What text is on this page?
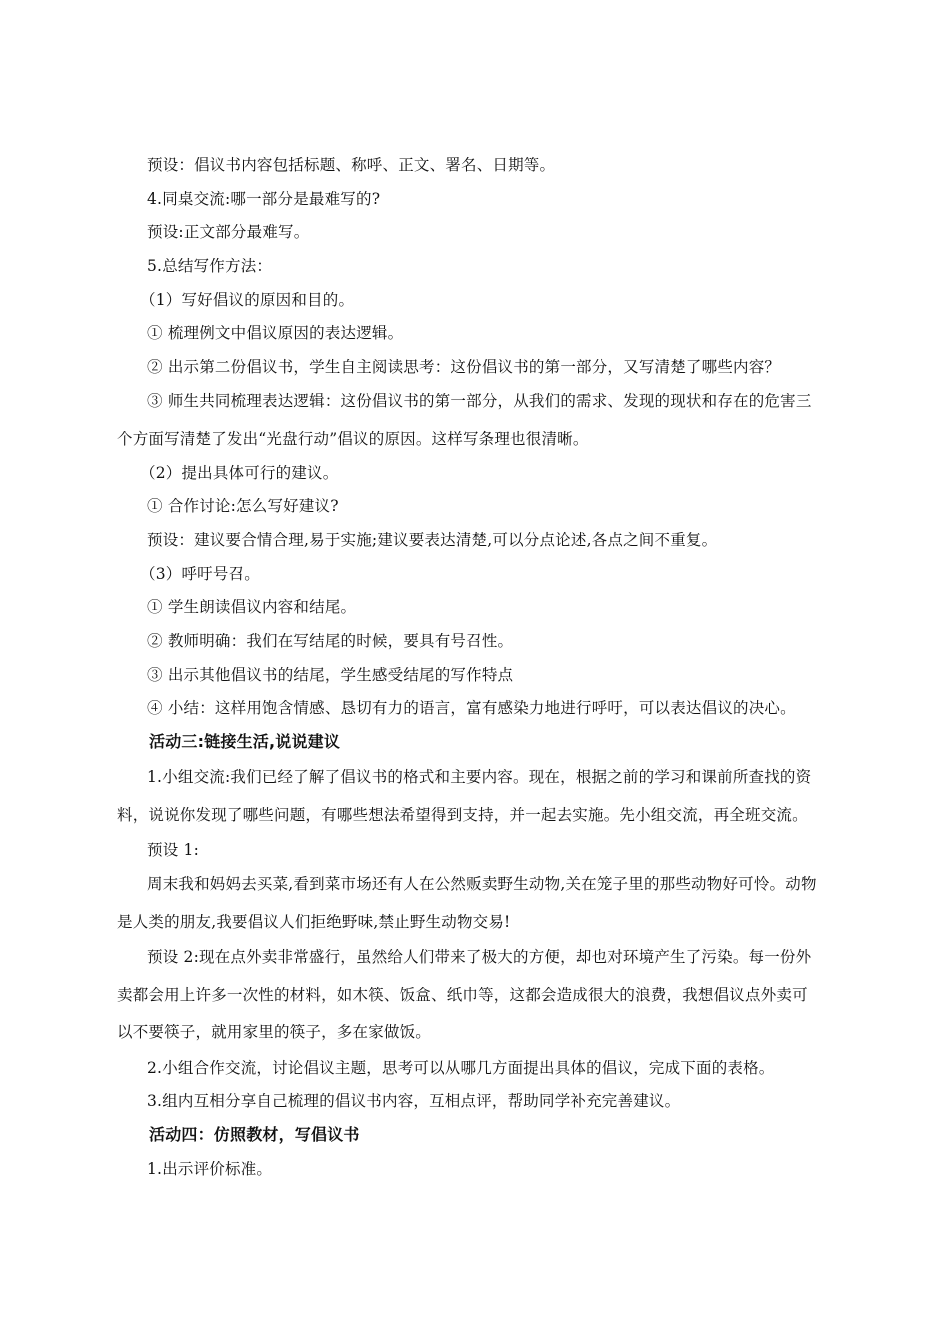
预设：倡议书内容包括标题、称呼、正文、署名、日期等。
4.同桌交流:哪一部分是最难写的?
预设:正文部分最难写。
5.总结写作方法：
（1）写好倡议的原因和目的。
① 梳理例文中倡议原因的表达逻辑。
② 出示第二份倡议书，学生自主阅读思考：这份倡议书的第一部分，又写清楚了哪些内容？
③ 师生共同梳理表达逻辑：这份倡议书的第一部分，从我们的需求、发现的现状和存在的危害三
个方面写清楚了发出“光盘行动”倡议的原因。这样写条理也很清晰。
（2）提出具体可行的建议。
① 合作讨论:怎么写好建议?
预设：建议要合情合理,易于实施;建议要表达清楚,可以分点论述,各点之间不重复。
（3）呼吁号召。
① 学生朗读倡议内容和结尾。
② 教师明确：我们在写结尾的时候，要具有号召性。
③ 出示其他倡议书的结尾，学生感受结尾的写作特点
④ 小结：这样用饱含情感、恳切有力的语言，富有感染力地进行呼吁，可以表达倡议的决心。
活动三:链接生活,说说建议
1.小组交流:我们已经了解了倡议书的格式和主要内容。现在，根据之前的学习和课前所查找的资
料，说说你发现了哪些问题，有哪些想法希望得到支持，并一起去实施。先小组交流，再全班交流。
预设 1:
周末我和妈妈去买菜,看到菜市场还有人在公然贩卖野生动物,关在笼子里的那些动物好可怜。动物
是人类的朋友,我要倡议人们拒绝野味,禁止野生动物交易!
预设 2:现在点外卖非常盛行，虽然给人们带来了极大的方便，却也对环境产生了污染。每一份外
卖都会用上许多一次性的材料，如木筷、饭盒、纸巾等，这都会造成很大的浪费，我想倡议点外卖可
以不要筷子，就用家里的筷子，多在家做饭。
2.小组合作交流，讨论倡议主题，思考可以从哪几方面提出具体的倡议，完成下面的表格。
3.组内互相分享自己梳理的倡议书内容，互相点评，帮助同学补充完善建议。
活动四：仿照教材，写倡议书
1.出示评价标准。
